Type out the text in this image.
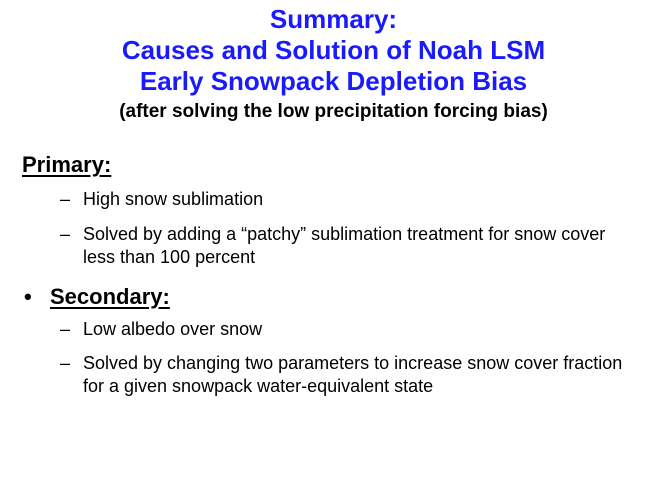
Summary:
Causes and Solution of Noah LSM
Early Snowpack Depletion Bias
(after solving the low precipitation forcing bias)
Primary:
– High snow sublimation
– Solved by adding a “patchy” sublimation treatment for snow cover less than 100 percent
• Secondary:
– Low albedo over snow
– Solved by changing two parameters to increase snow cover fraction for a given snowpack water-equivalent state
